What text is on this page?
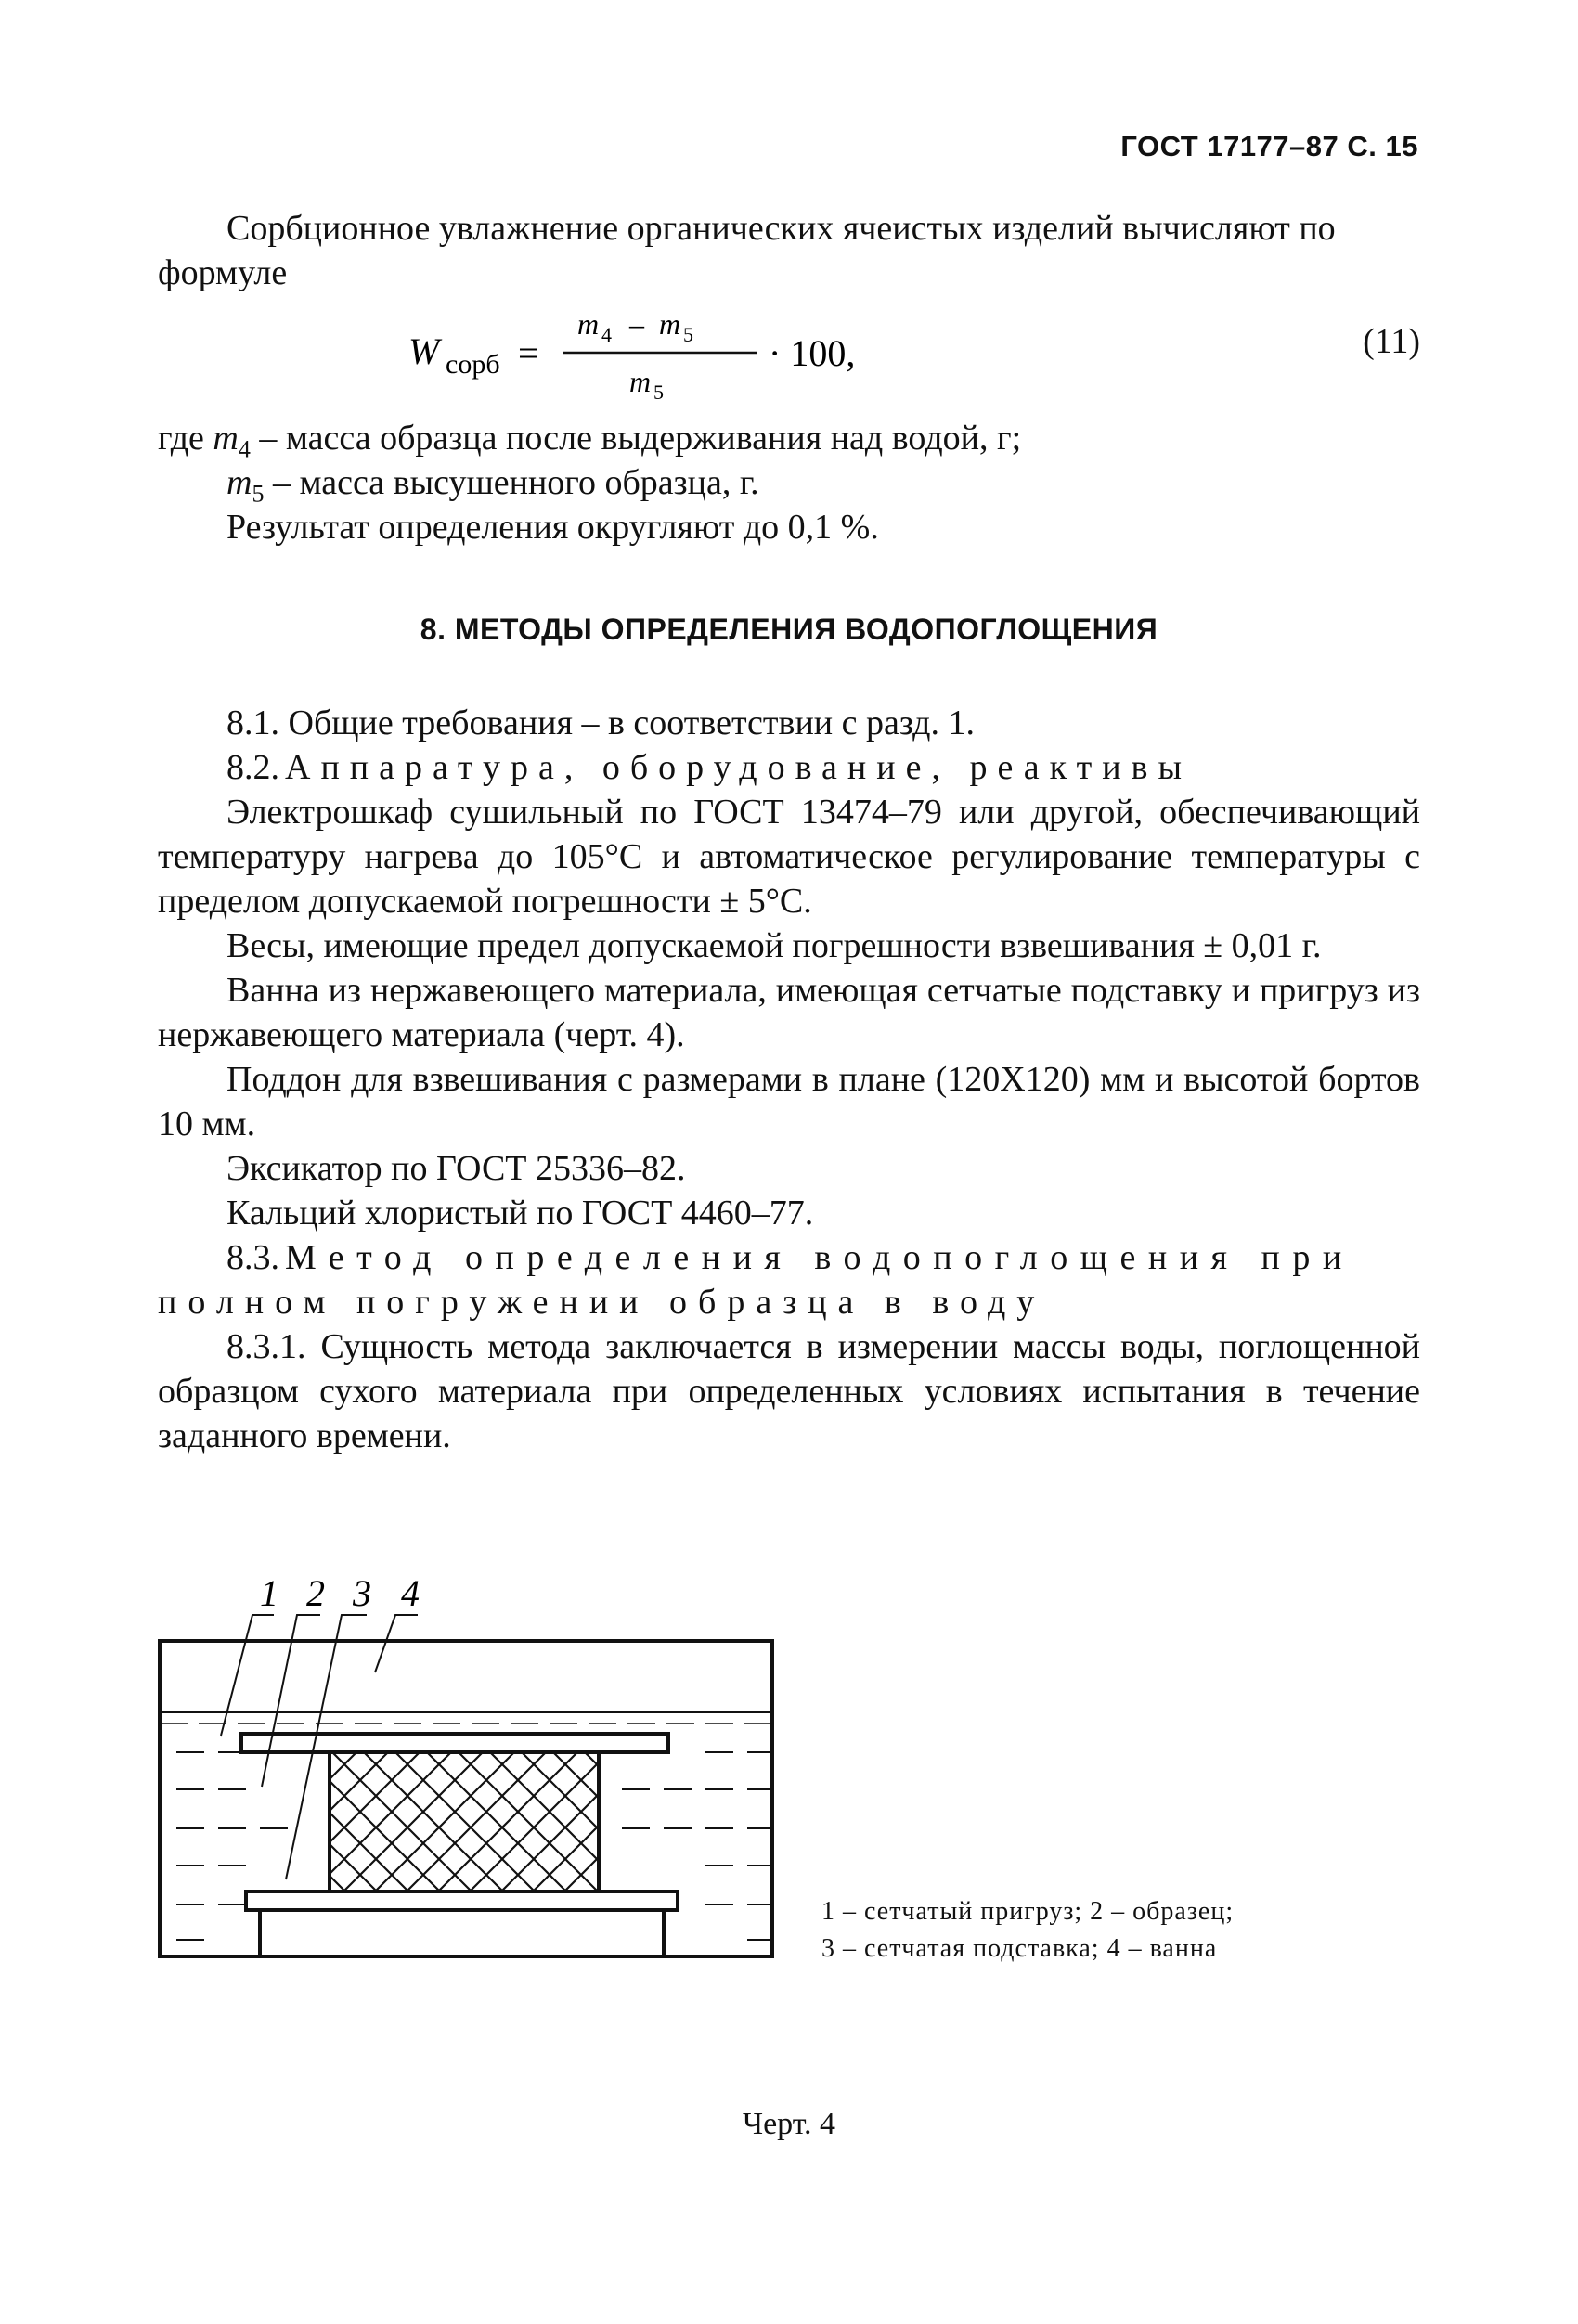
ГОСТ 17177–87 С. 15
Сорбционное увлажнение органических ячеистых изделий вычисляют по
формуле
W сорб =
m 4 – m 5
m 5
· 100,	(11)
где $m_4$ – масса образца после выдерживания над водой, г;
$m_5$ – масса высушенного образца, г.
Результат определения округляют до 0,1 %.
8. МЕТОДЫ ОПРЕДЕЛЕНИЯ ВОДОПОГЛОЩЕНИЯ
8.1. Общие требования – в соответствии с разд. 1.
8.2. Аппаратура, оборудование, реактивы
Электрошкаф сушильный по ГОСТ 13474–79 или другой, обеспечивающий температуру нагрева до 105°С и автоматическое регулирование температуры с пределом допускаемой погрешности ± 5°С.
Весы, имеющие предел допускаемой погрешности взвешивания ± 0,01 г.
Ванна из нержавеющего материала, имеющая сетчатые подставку и пригруз из нержавеющего материала (черт. 4).
Поддон для взвешивания с размерами в плане (120Х120) мм и высотой бортов 10 мм.
Эксикатор по ГОСТ 25336–82.
Кальций хлористый по ГОСТ 4460–77.
8.3. Метод определения водопоглощения при
полном погружении образца в воду
8.3.1. Сущность метода заключается в измерении массы воды, поглощенной образцом сухого материала при определенных условиях испытания в течение заданного времени.
1 2 3 4
1 – сетчатый пригруз; 2 – образец;
3 – сетчатая подставка; 4 – ванна
Черт. 4
